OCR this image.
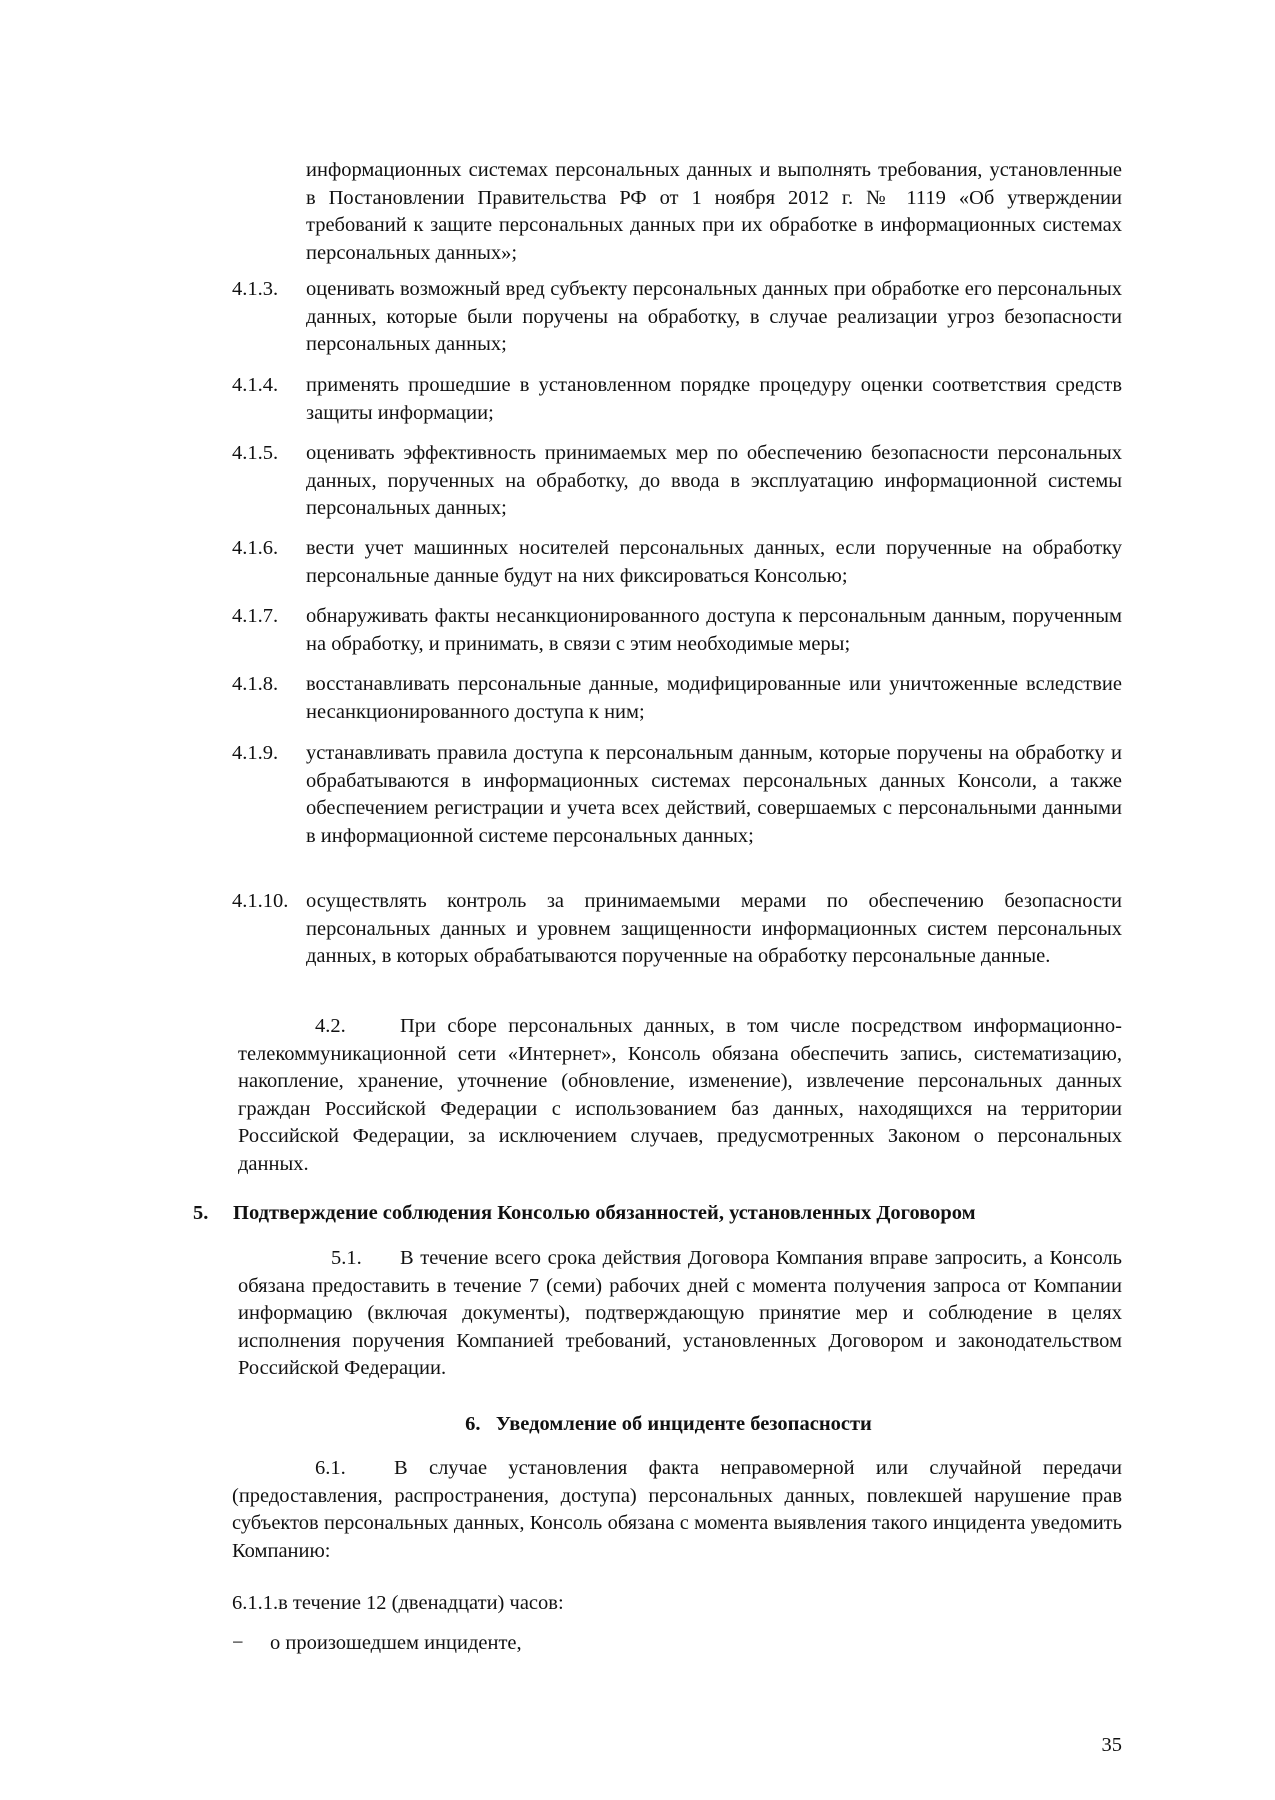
информационных системах персональных данных и выполнять требования, установленные в Постановлении Правительства РФ от 1 ноября 2012 г. № 1119 «Об утверждении требований к защите персональных данных при их обработке в информационных системах персональных данных»;
4.1.3.	оценивать возможный вред субъекту персональных данных при обработке его персональных данных, которые были поручены на обработку, в случае реализации угроз безопасности персональных данных;
4.1.4.	применять прошедшие в установленном порядке процедуру оценки соответствия средств защиты информации;
4.1.5.	оценивать эффективность принимаемых мер по обеспечению безопасности персональных данных, порученных на обработку, до ввода в эксплуатацию информационной системы персональных данных;
4.1.6.	вести учет машинных носителей персональных данных, если порученные на обработку персональные данные будут на них фиксироваться Консолью;
4.1.7.	обнаруживать факты несанкционированного доступа к персональным данным, порученным на обработку, и принимать, в связи с этим необходимые меры;
4.1.8.	восстанавливать персональные данные, модифицированные или уничтоженные вследствие несанкционированного доступа к ним;
4.1.9.	устанавливать правила доступа к персональным данным, которые поручены на обработку и обрабатываются в информационных системах персональных данных Консоли, а также обеспечением регистрации и учета всех действий, совершаемых с персональными данными в информационной системе персональных данных;
4.1.10. осуществлять контроль за принимаемыми мерами по обеспечению безопасности персональных данных и уровнем защищенности информационных систем персональных данных, в которых обрабатываются порученные на обработку персональные данные.
4.2.	При сборе персональных данных, в том числе посредством информационно-телекоммуникационной сети «Интернет», Консоль обязана обеспечить запись, систематизацию, накопление, хранение, уточнение (обновление, изменение), извлечение персональных данных граждан Российской Федерации с использованием баз данных, находящихся на территории Российской Федерации, за исключением случаев, предусмотренных Законом о персональных данных.
5.	Подтверждение соблюдения Консолью обязанностей, установленных Договором
5.1. В течение всего срока действия Договора Компания вправе запросить, а Консоль обязана предоставить в течение 7 (семи) рабочих дней с момента получения запроса от Компании информацию (включая документы), подтверждающую принятие мер и соблюдение в целях исполнения поручения Компанией требований, установленных Договором и законодательством Российской Федерации.
6. Уведомление об инциденте безопасности
6.1. В случае установления факта неправомерной или случайной передачи (предоставления, распространения, доступа) персональных данных, повлекшей нарушение прав субъектов персональных данных, Консоль обязана с момента выявления такого инцидента уведомить Компанию:
6.1.1.в течение 12 (двенадцати) часов:
−	о произошедшем инциденте,
35
